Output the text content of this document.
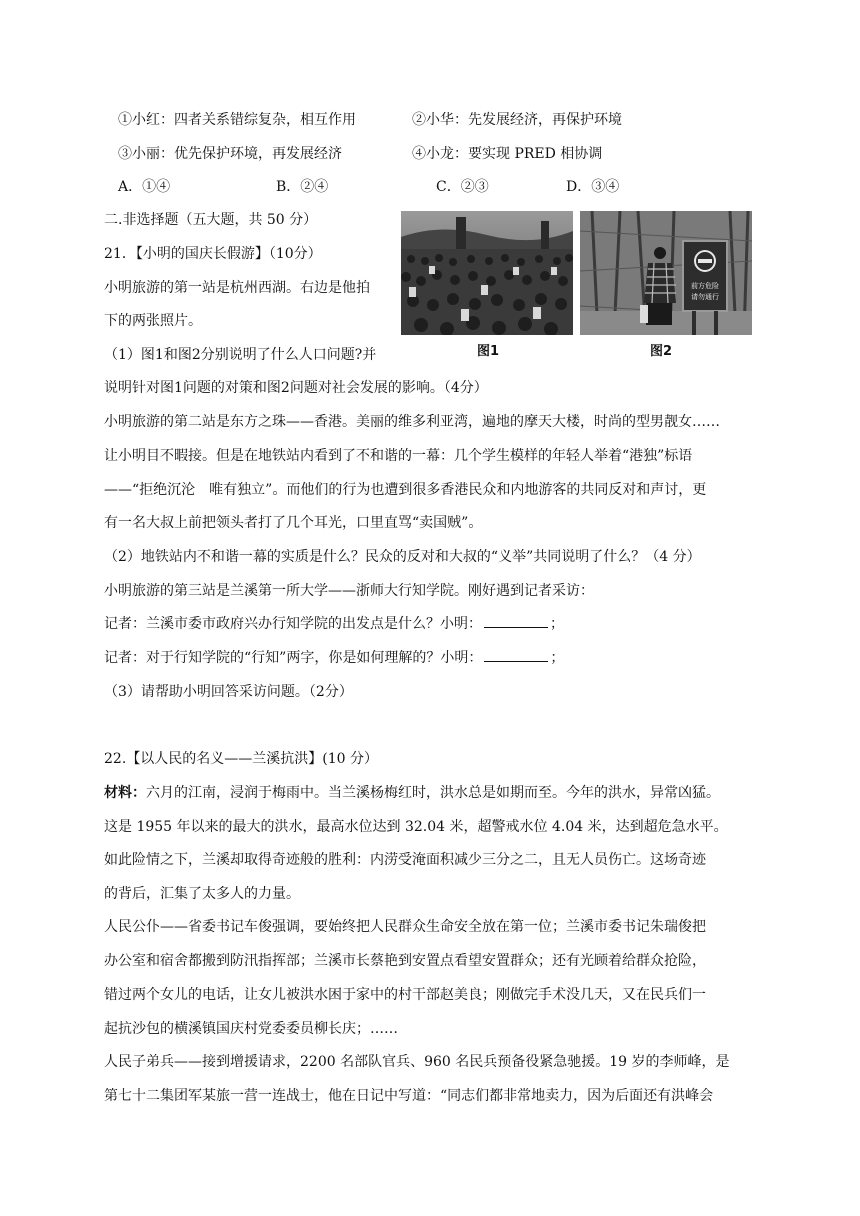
①小红：四者关系错综复杂，相互作用	②小华：先发展经济，再保护环境
③小丽：优先保护环境，再发展经济	④小龙：要实现 PRED 相协调
A．①④	B．②④	C．②③	D．③④
二.非选择题（五大题，共 50 分）
21．【小明的国庆长假游】（10分）
小明旅游的第一站是杭州西湖。右边是他拍
下的两张照片。
（1）图1和图2分别说明了什么人口问题?并
说明针对图1问题的对策和图2问题对社会发展的影响。（4分）
图1
前方危险
请勿通行
图2
小明旅游的第二站是东方之珠——香港。美丽的维多利亚湾，遍地的摩天大楼，时尚的型男靓女……
让小明目不暇接。但是在地铁站内看到了不和谐的一幕：几个学生模样的年轻人举着“港独”标语
——“拒绝沉沦　唯有独立”。而他们的行为也遭到很多香港民众和内地游客的共同反对和声讨，更
有一名大叔上前把领头者打了几个耳光，口里直骂“卖国贼”。
（2）地铁站内不和谐一幕的实质是什么？民众的反对和大叔的“义举”共同说明了什么？（4 分）
小明旅游的第三站是兰溪第一所大学——浙师大行知学院。刚好遇到记者采访：
记者：兰溪市委市政府兴办行知学院的出发点是什么？小明：	；
记者：对于行知学院的“行知”两字，你是如何理解的？小明：	；
（3）请帮助小明回答采访问题。（2分）
22.【以人民的名义——兰溪抗洪】(10 分）
材料：六月的江南，浸润于梅雨中。当兰溪杨梅红时，洪水总是如期而至。今年的洪水，异常凶猛。
这是 1955 年以来的最大的洪水，最高水位达到 32.04 米，超警戒水位 4.04 米，达到超危急水平。
如此险情之下，兰溪却取得奇迹般的胜利：内涝受淹面积减少三分之二，且无人员伤亡。这场奇迹
的背后，汇集了太多人的力量。
人民公仆——省委书记车俊强调，要始终把人民群众生命安全放在第一位；兰溪市委书记朱瑞俊把
办公室和宿舍都搬到防汛指挥部；兰溪市长蔡艳到安置点看望安置群众；还有光顾着给群众抢险，
错过两个女儿的电话，让女儿被洪水困于家中的村干部赵美良；刚做完手术没几天，又在民兵们一
起抗沙包的横溪镇国庆村党委委员柳长庆；……
人民子弟兵——接到增援请求，2200 名部队官兵、960 名民兵预备役紧急驰援。19 岁的李师峰，是
第七十二集团军某旅一营一连战士，他在日记中写道：“同志们都非常地卖力，因为后面还有洪峰会
